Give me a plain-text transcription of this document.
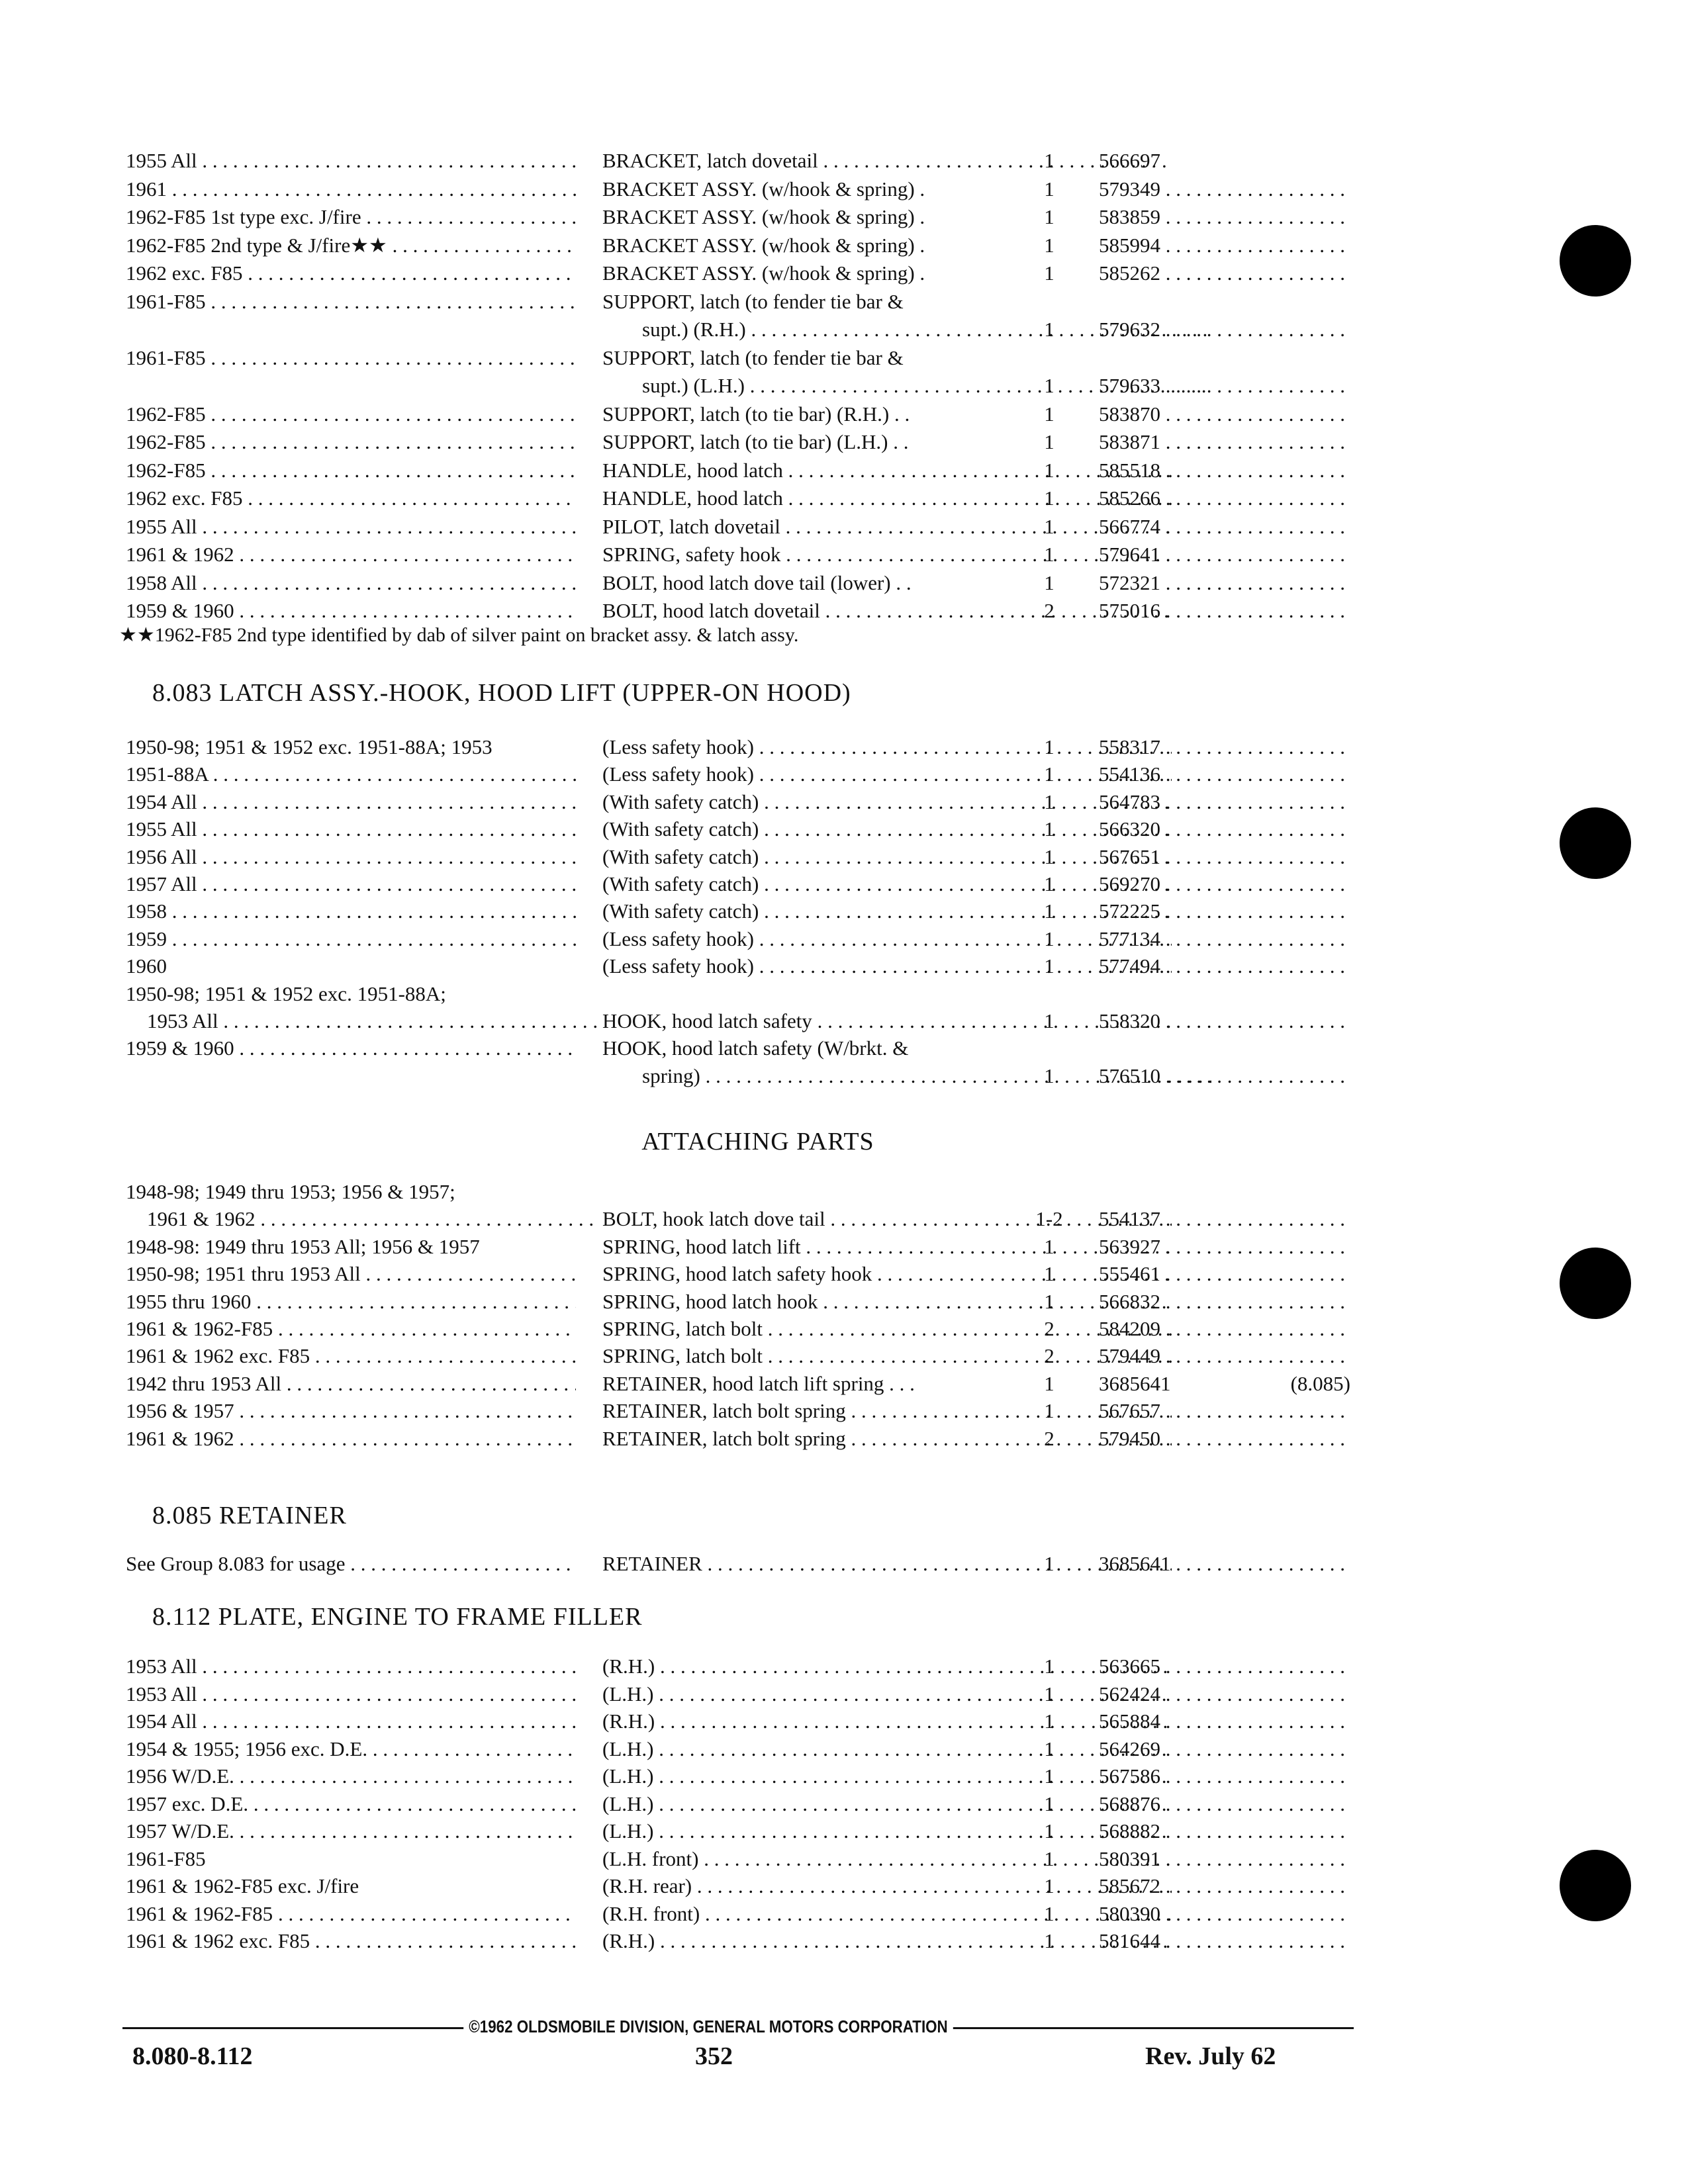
1955 All . . .	BRACKET, latch dovetail . . .	1	566697
1961 . . .	BRACKET ASSY. (w/hook & spring) .	1	579349 . . .
1962-F85 1st type exc. J/fire . . .	BRACKET ASSY. (w/hook & spring) .	1	583859 . . .
1962-F85 2nd type & J/fire★★ . . .	BRACKET ASSY. (w/hook & spring) .	1	585994 . . .
1962 exc. F85 . . .	BRACKET ASSY. (w/hook & spring) .	1	585262 . . .
1961-F85 . . .	SUPPORT, latch (to fender tie bar &
supt.) (R.H.) . . .	1	579632 . . .
1961-F85 . . .	SUPPORT, latch (to fender tie bar &
supt.) (L.H.) . . .	1	579633 . . .
1962-F85 . . .	SUPPORT, latch (to tie bar) (R.H.) . .	1	583870 . . .
1962-F85 . . .	SUPPORT, latch (to tie bar) (L.H.) . .	1	583871 . . .
1962-F85 . . .	HANDLE, hood latch . . .	1	585518 . . .
1962 exc. F85 . . .	HANDLE, hood latch . . .	1	585266 . . .
1955 All . . .	PILOT, latch dovetail . . .	1	566774 . . .
1961 & 1962 . . .	SPRING, safety hook . . .	1	579641 . . .
1958 All . . .	BOLT, hood latch dove tail (lower) . .	1	572321 . . .
1959 & 1960 . . .	BOLT, hood latch dovetail . . .	2	575016 . . .
★★1962-F85 2nd type identified by dab of silver paint on bracket assy. & latch assy.
8.083 LATCH ASSY.-HOOK, HOOD LIFT (UPPER-ON HOOD)
1950-98; 1951 & 1952 exc. 1951-88A; 1953	(Less safety hook) . . .	1	558317 . . .
1951-88A . . .	(Less safety hook) . . .	1	554136 . . .
1954 All . . .	(With safety catch) . . .	1	564783 . . .
1955 All . . .	(With safety catch) . . .	1	566320 . . .
1956 All . . .	(With safety catch) . . .	1	567651 . . .
1957 All . . .	(With safety catch) . . .	1	569270 . . .
1958 . . .	(With safety catch) . . .	1	572225 . . .
1959 . . .	(Less safety hook) . . .	1	577134 . . .
1960	(Less safety hook) . . .	1	577494 . . .
1950-98; 1951 & 1952 exc. 1951-88A;
1953 All . . .	HOOK, hood latch safety . . .	1	558320 . . .
1959 & 1960 . . .	HOOK, hood latch safety (W/brkt. &
spring) . . .	1	576510 . . .
ATTACHING PARTS
1948-98; 1949 thru 1953; 1956 & 1957;
1961 & 1962 . . .	BOLT, hook latch dove tail . . .	1-2	554137 . . .
1948-98: 1949 thru 1953 All; 1956 & 1957	SPRING, hood latch lift . . .	1	563927 . . .
1950-98; 1951 thru 1953 All . . .	SPRING, hood latch safety hook . . .	1	555461 . . .
1955 thru 1960 . . .	SPRING, hood latch hook . . .	1	566832 . . .
1961 & 1962-F85 . . .	SPRING, latch bolt . . .	2	584209 . . .
1961 & 1962 exc. F85 . . .	SPRING, latch bolt . . .	2	579449 . . .
1942 thru 1953 All . . .	RETAINER, hood latch lift spring . . .	1	3685641	(8.085)
1956 & 1957 . . .	RETAINER, latch bolt spring . . .	1	567657 . . .
1961 & 1962 . . .	RETAINER, latch bolt spring . . .	2	579450 . . .
8.085 RETAINER
See Group 8.083 for usage . . .	RETAINER . . .	1	3685641 . . .
8.112 PLATE, ENGINE TO FRAME FILLER
1953 All . . .	(R.H.) . . .	1	563665 . . .
1953 All . . .	(L.H.) . . .	1	562424 . . .
1954 All . . .	(R.H.) . . .	1	565884 . . .
1954 & 1955; 1956 exc. D.E. . . .	(L.H.) . . .	1	564269 . . .
1956 W/D.E. . . .	(L.H.) . . .	1	567586 . . .
1957 exc. D.E. . . .	(L.H.) . . .	1	568876 . . .
1957 W/D.E. . . .	(L.H.) . . .	1	568882 . . .
1961-F85	(L.H. front) . . .	1	580391 . . .
1961 & 1962-F85 exc. J/fire	(R.H. rear) . . .	1	585672 . . .
1961 & 1962-F85 . . .	(R.H. front) . . .	1	580390 . . .
1961 & 1962 exc. F85 . . .	(R.H.) . . .	1	581644 . . .
©1962 OLDSMOBILE DIVISION, GENERAL MOTORS CORPORATION
8.080-8.112	352	Rev. July 62
